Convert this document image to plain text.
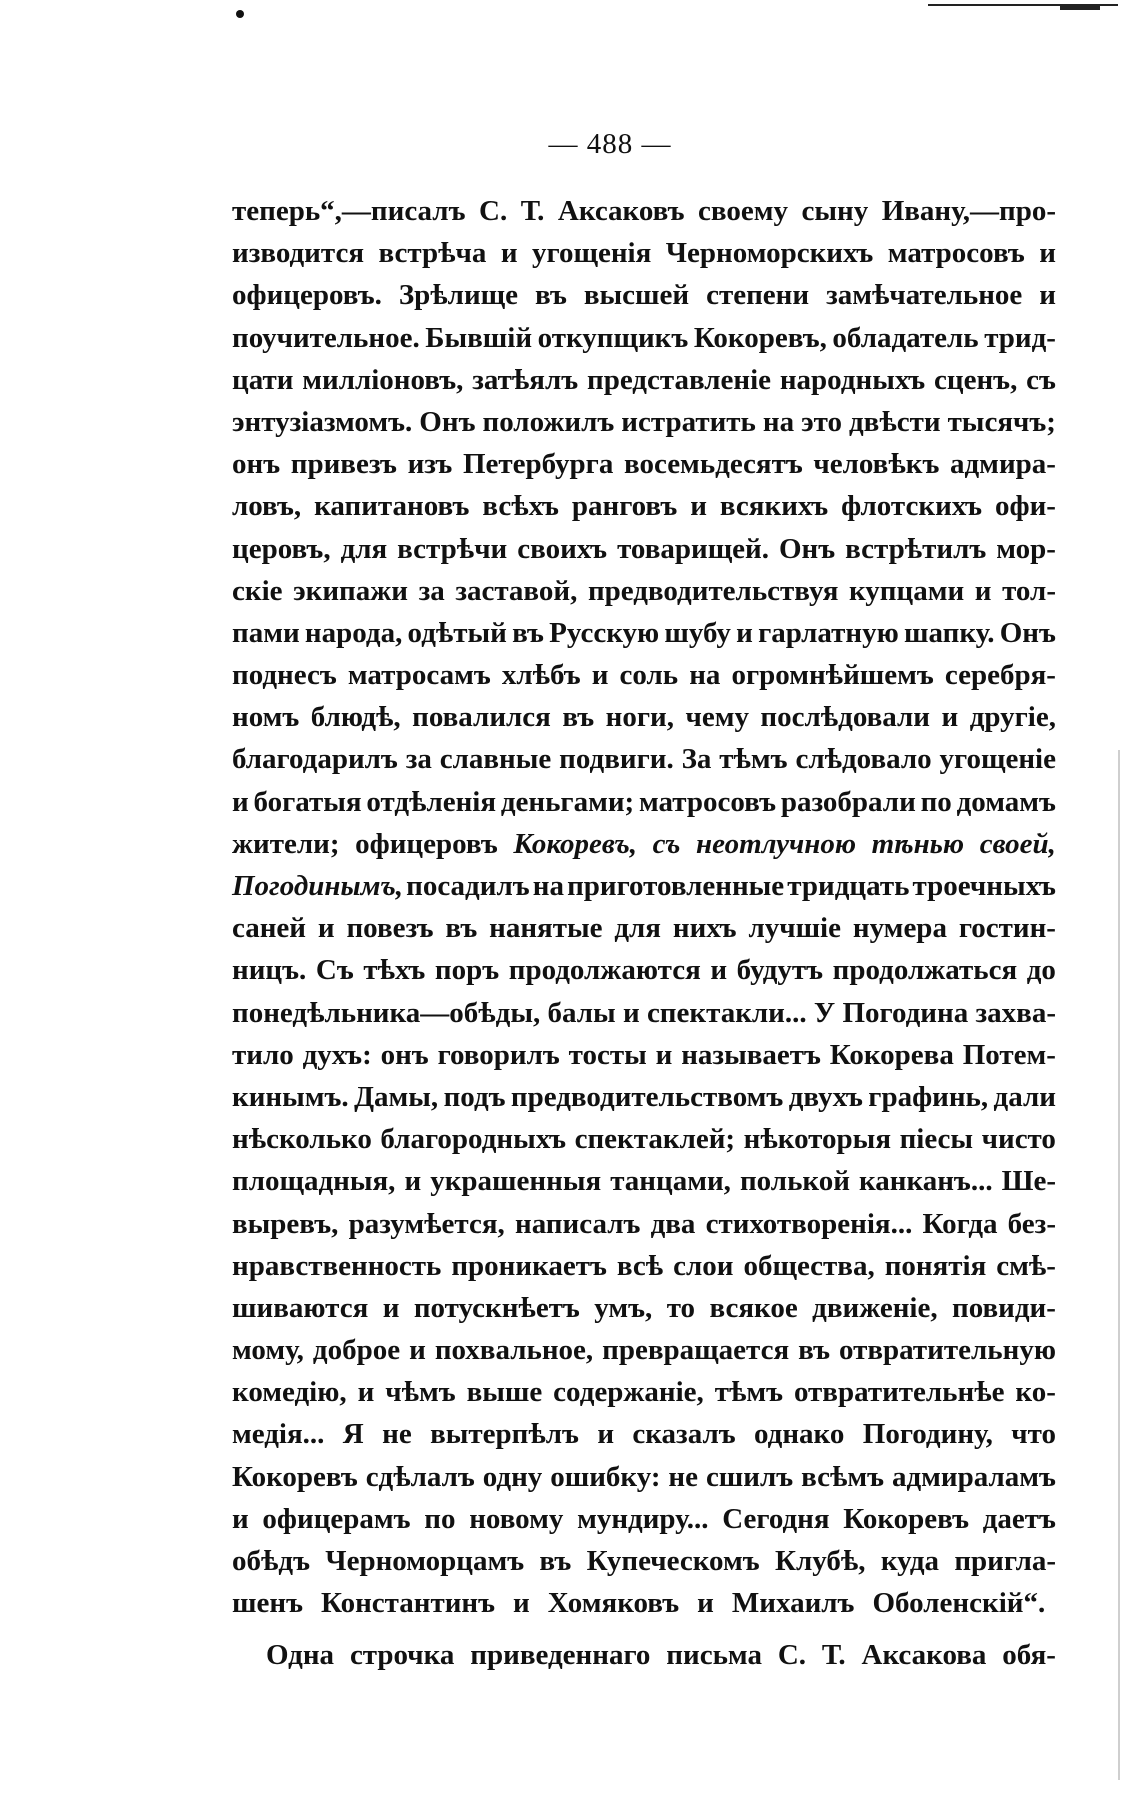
— 488 —
теперь“,—писалъ С. Т. Аксаковъ своему сыну Ивану,—про-
изводится встрѣча и угощенія Черноморскихъ матросовъ и
офицеровъ. Зрѣлище въ высшей степени замѣчательное и
поучительное. Бывшій откупщикъ Кокоревъ, обладатель трид-
цати милліоновъ, затѣялъ представленіе народныхъ сценъ, съ
энтузіазмомъ. Онъ положилъ истратить на это двѣсти тысячъ;
онъ привезъ изъ Петербурга восемьдесятъ человѣкъ адмира-
ловъ, капитановъ всѣхъ ранговъ и всякихъ флотскихъ офи-
церовъ, для встрѣчи своихъ товарищей. Онъ встрѣтилъ мор-
скіе экипажи за заставой, предводительствуя купцами и тол-
пами народа, одѣтый въ Русскую шубу и гарлатную шапку. Онъ
поднесъ матросамъ хлѣбъ и соль на огромнѣйшемъ серебря-
номъ блюдѣ, повалился въ ноги, чему послѣдовали и другіе,
благодарилъ за славные подвиги. За тѣмъ слѣдовало угощеніе
и богатыя отдѣленія деньгами; матросовъ разобрали по домамъ
жители; офицеровъ Кокоревъ, съ неотлучною тѣнью своей,
Погодинымъ, посадилъ на приготовленные тридцать троечныхъ
саней и повезъ въ нанятые для нихъ лучшіе нумера гостин-
ницъ. Съ тѣхъ поръ продолжаются и будутъ продолжаться до
понедѣльника—обѣды, балы и спектакли... У Погодина захва-
тило духъ: онъ говорилъ тосты и называетъ Кокорева Потем-
кинымъ. Дамы, подъ предводительствомъ двухъ графинь, дали
нѣсколько благородныхъ спектаклей; нѣкоторыя піесы чисто
площадныя, и украшенныя танцами, полькой канканъ... Ше-
выревъ, разумѣется, написалъ два стихотворенія... Когда без-
нравственность проникаетъ всѣ слои общества, понятія смѣ-
шиваются и потускнѣетъ умъ, то всякое движеніе, повиди-
мому, доброе и похвальное, превращается въ отвратительную
комедію, и чѣмъ выше содержаніе, тѣмъ отвратительнѣе ко-
медія... Я не вытерпѣлъ и сказалъ однако Погодину, что
Кокоревъ сдѣлалъ одну ошибку: не сшилъ всѣмъ адмираламъ
и офицерамъ по новому мундиру... Сегодня Кокоревъ даетъ
обѣдъ Черноморцамъ въ Купеческомъ Клубѣ, куда пригла-
шенъ Константинъ и Хомяковъ и Михаилъ Оболенскій“.
Одна строчка приведеннаго письма С. Т. Аксакова обя-
